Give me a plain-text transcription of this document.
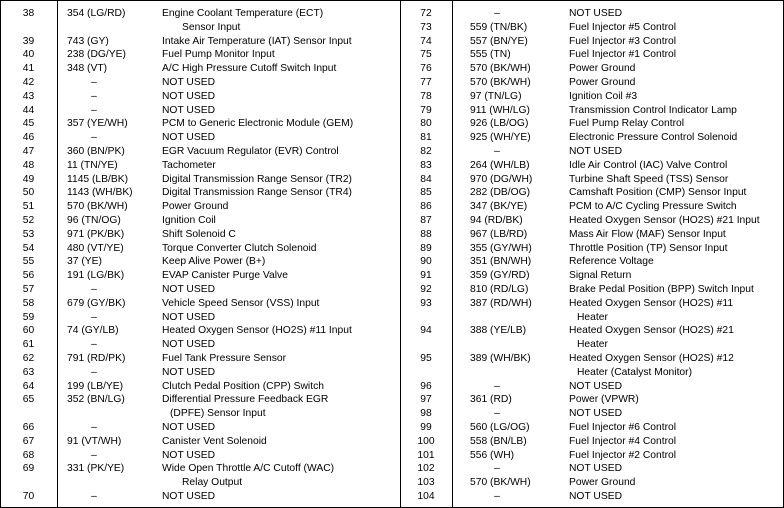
38	354 (LG/RD)	Engine Coolant Temperature (ECT)
Sensor Input
39	743 (GY)	Intake Air Temperature (IAT) Sensor Input
40	238 (DG/YE)	Fuel Pump Monitor Input
41	348 (VT)	A/C High Pressure Cutoff Switch Input
42	–	NOT USED
43	–	NOT USED
44	–	NOT USED
45	357 (YE/WH)	PCM to Generic Electronic Module (GEM)
46	–	NOT USED
47	360 (BN/PK)	EGR Vacuum Regulator (EVR) Control
48	11 (TN/YE)	Tachometer
49	1145 (LB/BK)	Digital Transmission Range Sensor (TR2)
50	1143 (WH/BK)	Digital Transmission Range Sensor (TR4)
51	570 (BK/WH)	Power Ground
52	96 (TN/OG)	Ignition Coil
53	971 (PK/BK)	Shift Solenoid C
54	480 (VT/YE)	Torque Converter Clutch Solenoid
55	37 (YE)	Keep Alive Power (B+)
56	191 (LG/BK)	EVAP Canister Purge Valve
57	–	NOT USED
58	679 (GY/BK)	Vehicle Speed Sensor (VSS) Input
59	–	NOT USED
60	74 (GY/LB)	Heated Oxygen Sensor (HO2S) #11 Input
61	–	NOT USED
62	791 (RD/PK)	Fuel Tank Pressure Sensor
63	–	NOT USED
64	199 (LB/YE)	Clutch Pedal Position (CPP) Switch
65	352 (BN/LG)	Differential Pressure Feedback EGR
(DPFE) Sensor Input
66	–	NOT USED
67	91 (VT/WH)	Canister Vent Solenoid
68	–	NOT USED
69	331 (PK/YE)	Wide Open Throttle A/C Cutoff (WAC)
Relay Output
70	–	NOT USED
72	–	NOT USED
73	559 (TN/BK)	Fuel Injector #5 Control
74	557 (BN/YE)	Fuel Injector #3 Control
75	555 (TN)	Fuel Injector #1 Control
76	570 (BK/WH)	Power Ground
77	570 (BK/WH)	Power Ground
78	97 (TN/LG)	Ignition Coil #3
79	911 (WH/LG)	Transmission Control Indicator Lamp
80	926 (LB/OG)	Fuel Pump Relay Control
81	925 (WH/YE)	Electronic Pressure Control Solenoid
82	–	NOT USED
83	264 (WH/LB)	Idle Air Control (IAC) Valve Control
84	970 (DG/WH)	Turbine Shaft Speed (TSS) Sensor
85	282 (DB/OG)	Camshaft Position (CMP) Sensor Input
86	347 (BK/YE)	PCM to A/C Cycling Pressure Switch
87	94 (RD/BK)	Heated Oxygen Sensor (HO2S) #21 Input
88	967 (LB/RD)	Mass Air Flow (MAF) Sensor Input
89	355 (GY/WH)	Throttle Position (TP) Sensor Input
90	351 (BN/WH)	Reference Voltage
91	359 (GY/RD)	Signal Return
92	810 (RD/LG)	Brake Pedal Position (BPP) Switch Input
93	387 (RD/WH)	Heated Oxygen Sensor (HO2S) #11
Heater
94	388 (YE/LB)	Heated Oxygen Sensor (HO2S) #21
Heater
95	389 (WH/BK)	Heated Oxygen Sensor (HO2S) #12
Heater (Catalyst Monitor)
96	–	NOT USED
97	361 (RD)	Power (VPWR)
98	–	NOT USED
99	560 (LG/OG)	Fuel Injector #6 Control
100	558 (BN/LB)	Fuel Injector #4 Control
101	556 (WH)	Fuel Injector #2 Control
102	–	NOT USED
103	570 (BK/WH)	Power Ground
104	–	NOT USED
